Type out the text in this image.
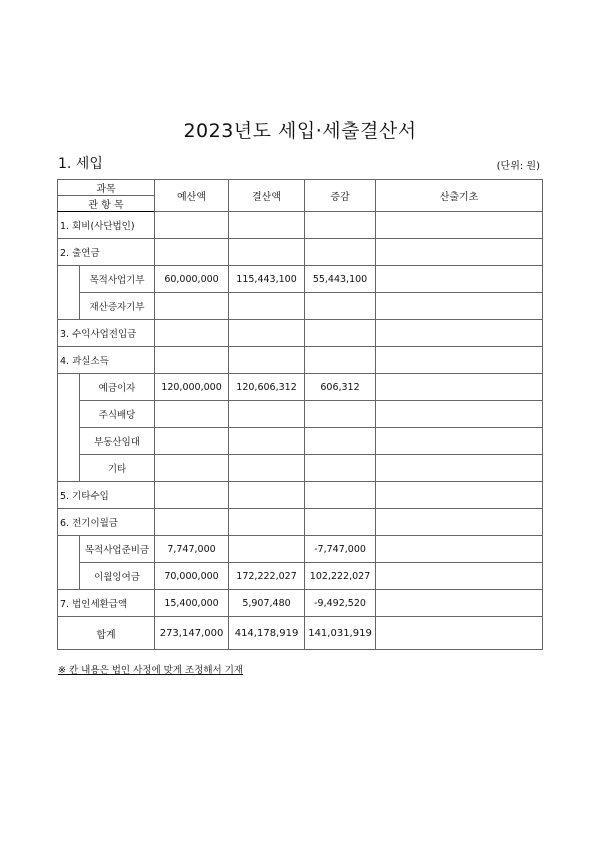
2023년도 세입·세출결산서
1. 세입	(단위: 원)
과목		예산액	결산액	증감	산출기초
관 항 목					
1. 회비(사단법인)					
2. 출연금					
	목적사업기부	60,000,000	115,443,100	55,443,100	
	재산증자기부				
3. 수익사업전입금					
4. 과실소득					
	예금이자	120,000,000	120,606,312	606,312	
	주식배당				
	부동산임대				
	기타				
5. 기타수입					
6. 전기이월금					
	목적사업준비금	7,747,000		-7,747,000	
	이월잉여금	70,000,000	172,222,027	102,222,027	
7. 법인세환급액		15,400,000	5,907,480	-9,492,520	
합계		273,147,000	414,178,919	141,031,919	
※ 칸 내용은 법인 사정에 맞게 조정해서 기재
